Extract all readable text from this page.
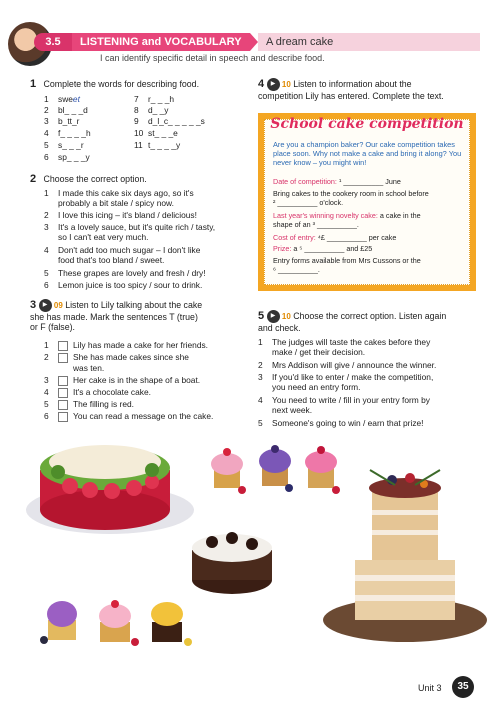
3.5	LISTENING and VOCABULARY	A dream cake
I can identify specific detail in speech and describe food.
1 Complete the words for describing food.
1 sweet
2 bl_ _ _d
3 b_tt_r
4 f_ _ _ _h
5 s_ _ _r
6 sp_ _ _y
7 r_ _ _h
8 d_ _y
9 d_l_c_ _ _ _ _s
10 st_ _ _e
11 t_ _ _ _y
2 Choose the correct option.
1 I made this cake six days ago, so it's
probably a bit stale / spicy now.
2 I love this icing – it's bland / delicious!
3 It's a lovely sauce, but it's quite rich / tasty,
so I can't eat very much.
4 Don't add too much sugar – I don't like
food that's too bland / sweet.
5 These grapes are lovely and fresh / dry!
6 Lemon juice is too spicy / sour to drink.
3 ▶ 09 Listen to Lily talking about the cake
she has made. Mark the sentences T (true)
or F (false).
1	Lily has made a cake for her friends.
2	She has made cakes since she
was ten.
3	Her cake is in the shape of a boat.
4	It's a chocolate cake.
5	The filling is red.
6	You can read a message on the cake.
4 ▶ 10 Listen to information about the
competition Lily has entered. Complete the text.
School cake competition
Are you a champion baker? Our cake competition takes place soon. Why not make a cake and bring it along? You never know – you might win!
Date of competition: ¹ __________ June
Bring cakes to the cookery room in school before
² __________ o'clock.
Last year's winning novelty cake: a cake in the
shape of an ³ __________.
Cost of entry: ⁴£ __________ per cake
Prize: a ⁵ __________ and £25
Entry forms available from Mrs Cussons or the
⁶ __________.
5 ▶ 10 Choose the correct option. Listen again
and check.
1 The judges will taste the cakes before they
make / get their decision.
2 Mrs Addison will give / announce the winner.
3 If you'd like to enter / make the competition,
you need an entry form.
4 You need to write / fill in your entry form by
next week.
5 Someone's going to win / earn that prize!
Unit 3	35
